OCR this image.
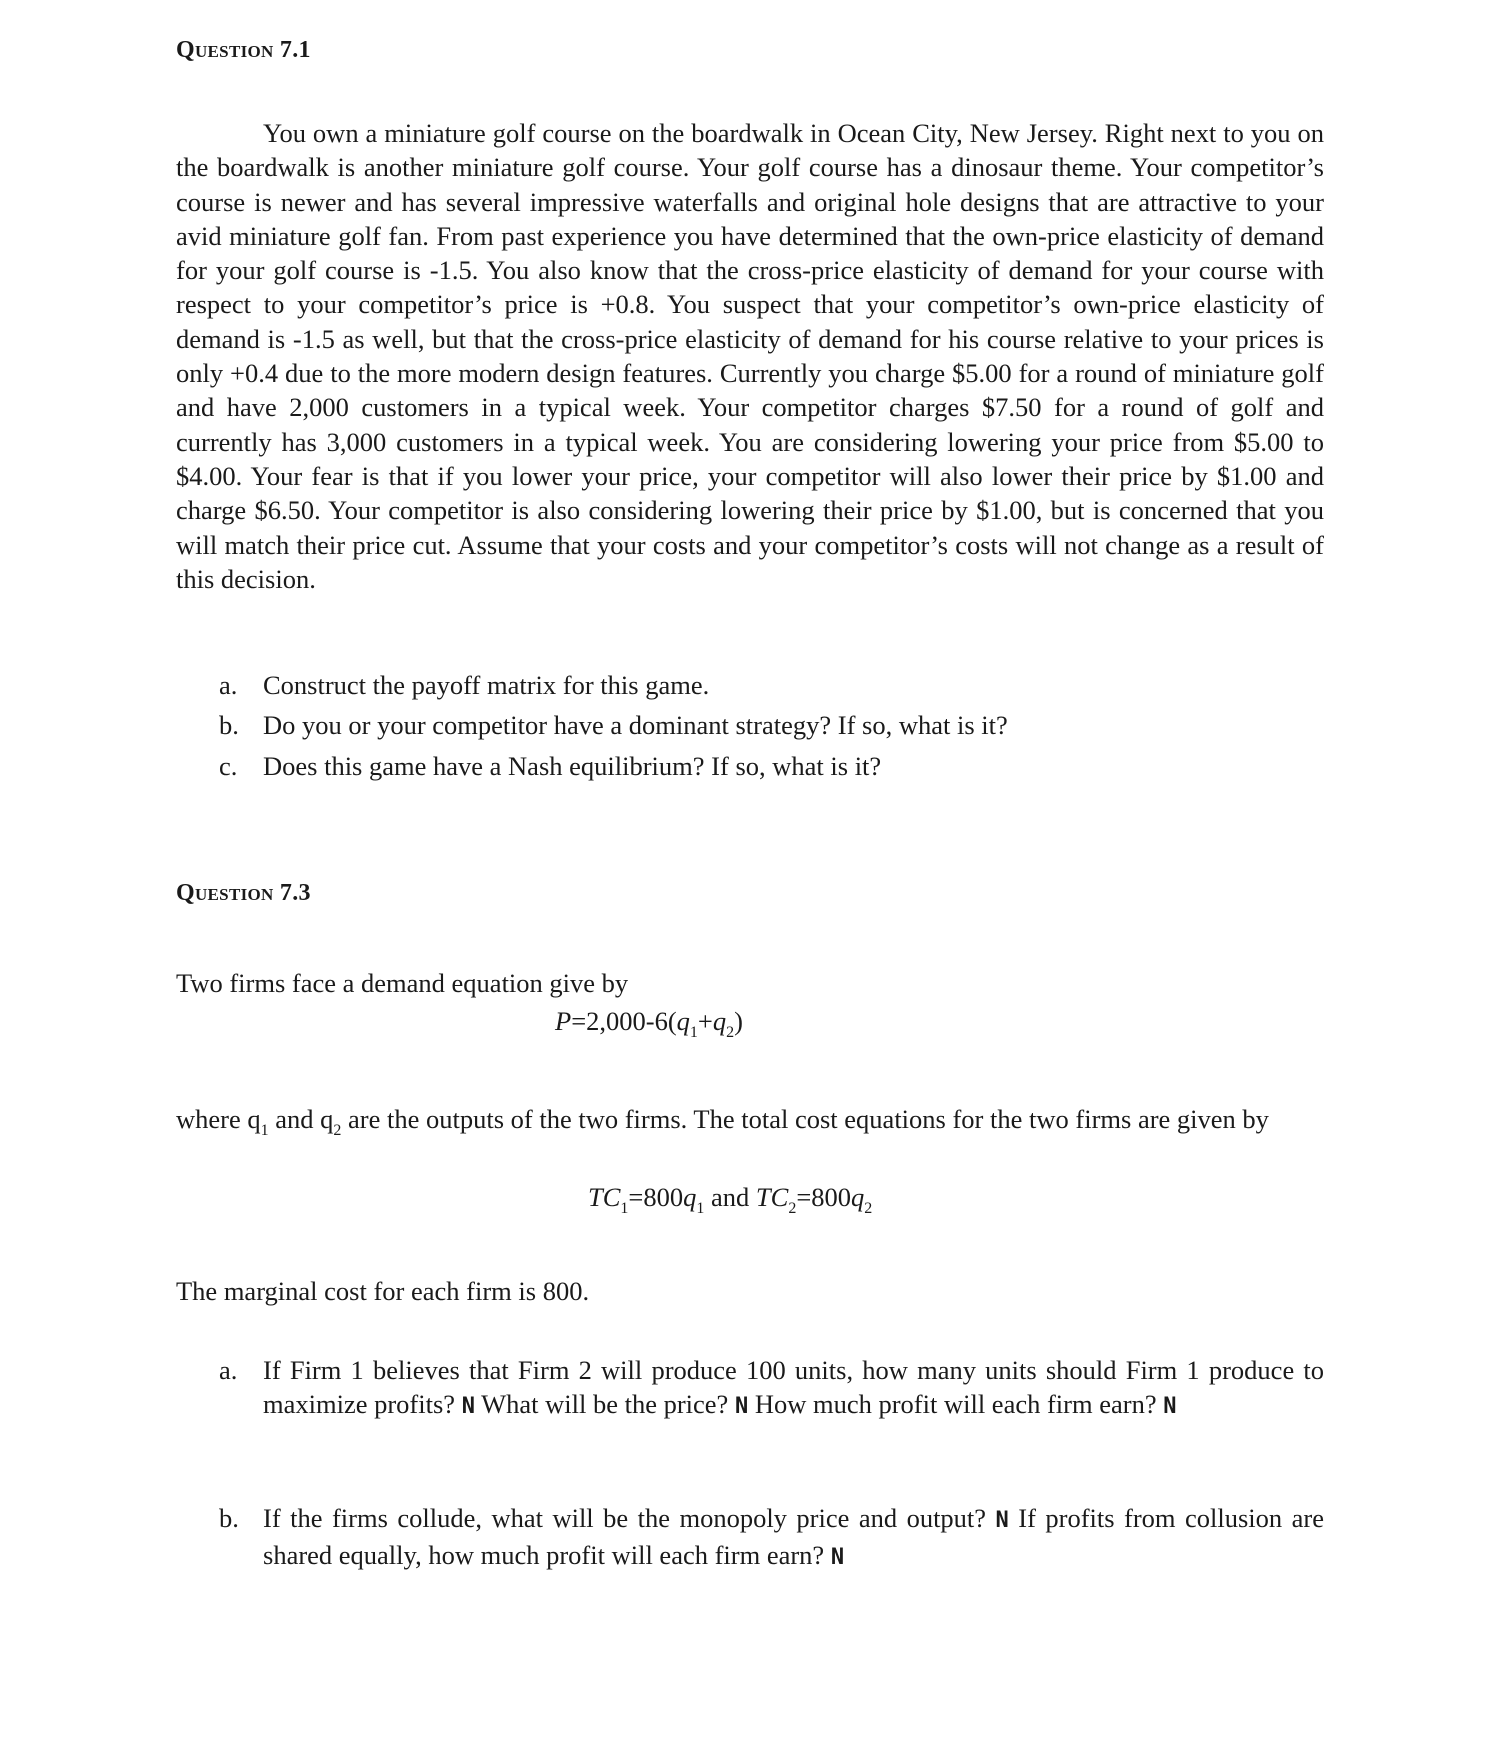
Question 7.1
You own a miniature golf course on the boardwalk in Ocean City, New Jersey. Right next to you on the boardwalk is another miniature golf course. Your golf course has a dinosaur theme. Your competitor’s course is newer and has several impressive waterfalls and original hole designs that are attractive to your avid miniature golf fan. From past experience you have determined that the own-price elasticity of demand for your golf course is -1.5. You also know that the cross-price elasticity of demand for your course with respect to your competitor’s price is +0.8. You suspect that your competitor’s own-price elasticity of demand is -1.5 as well, but that the cross-price elasticity of demand for his course relative to your prices is only +0.4 due to the more modern design features. Currently you charge $5.00 for a round of miniature golf and have 2,000 customers in a typical week. Your competitor charges $7.50 for a round of golf and currently has 3,000 customers in a typical week. You are considering lowering your price from $5.00 to $4.00. Your fear is that if you lower your price, your competitor will also lower their price by $1.00 and charge $6.50. Your competitor is also considering lowering their price by $1.00, but is concerned that you will match their price cut. Assume that your costs and your competitor’s costs will not change as a result of this decision.
a. Construct the payoff matrix for this game.
b. Do you or your competitor have a dominant strategy? If so, what is it?
c. Does this game have a Nash equilibrium? If so, what is it?
Question 7.3
Two firms face a demand equation give by
$P=2,000-6(q_1+q_2)$
where $q_1$ and $q_2$ are the outputs of the two firms. The total cost equations for the two firms are given by
$TC_1=800q_1$ and $TC_2=800q_2$
The marginal cost for each firm is 800.
a. If Firm 1 believes that Firm 2 will produce 100 units, how many units should Firm 1 produce to maximize profits? N What will be the price? N How much profit will each firm earn? N
b. If the firms collude, what will be the monopoly price and output? N If profits from collusion are shared equally, how much profit will each firm earn? N
